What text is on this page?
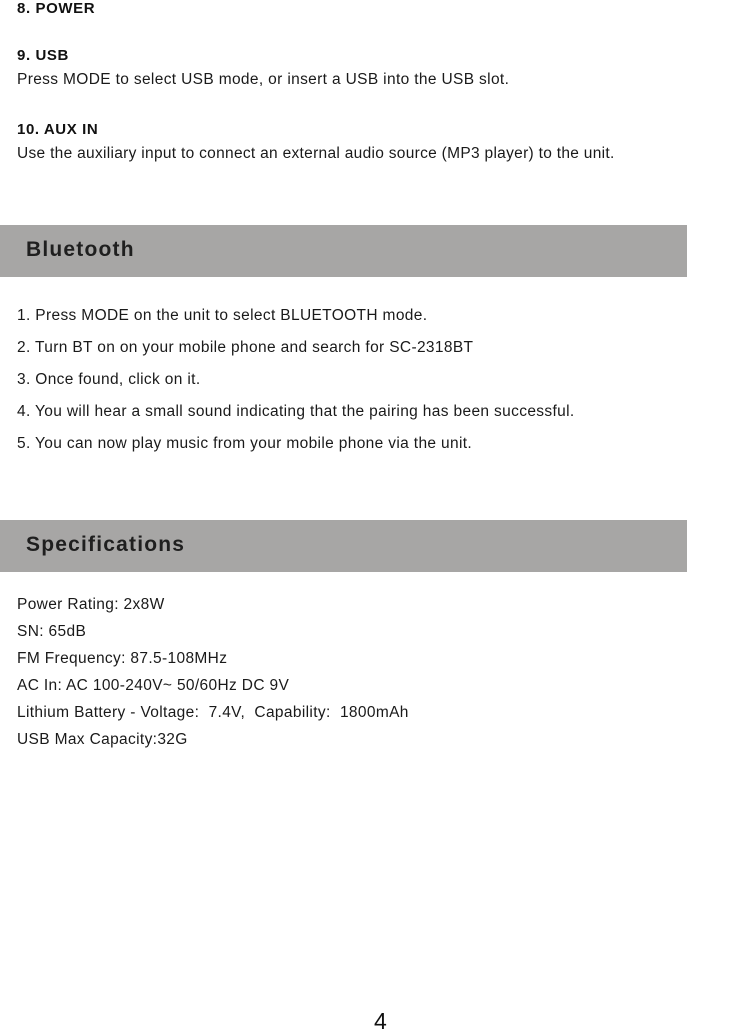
8. POWER
9. USB
Press MODE to select USB mode, or insert a USB into the USB slot.
10. AUX IN
Use the auxiliary input to connect an external audio source (MP3 player) to the unit.
Bluetooth
1. Press MODE on the unit to select BLUETOOTH mode.
2. Turn BT on on your mobile phone and search for SC-2318BT
3. Once found, click on it.
4. You will hear a small sound indicating that the pairing has been successful.
5. You can now play music from your mobile phone via the unit.
Specifications
Power Rating: 2x8W
SN: 65dB
FM Frequency: 87.5-108MHz
AC In: AC 100-240V~ 50/60Hz DC 9V
Lithium Battery - Voltage:  7.4V,  Capability:  1800mAh
USB Max Capacity:32G
4
